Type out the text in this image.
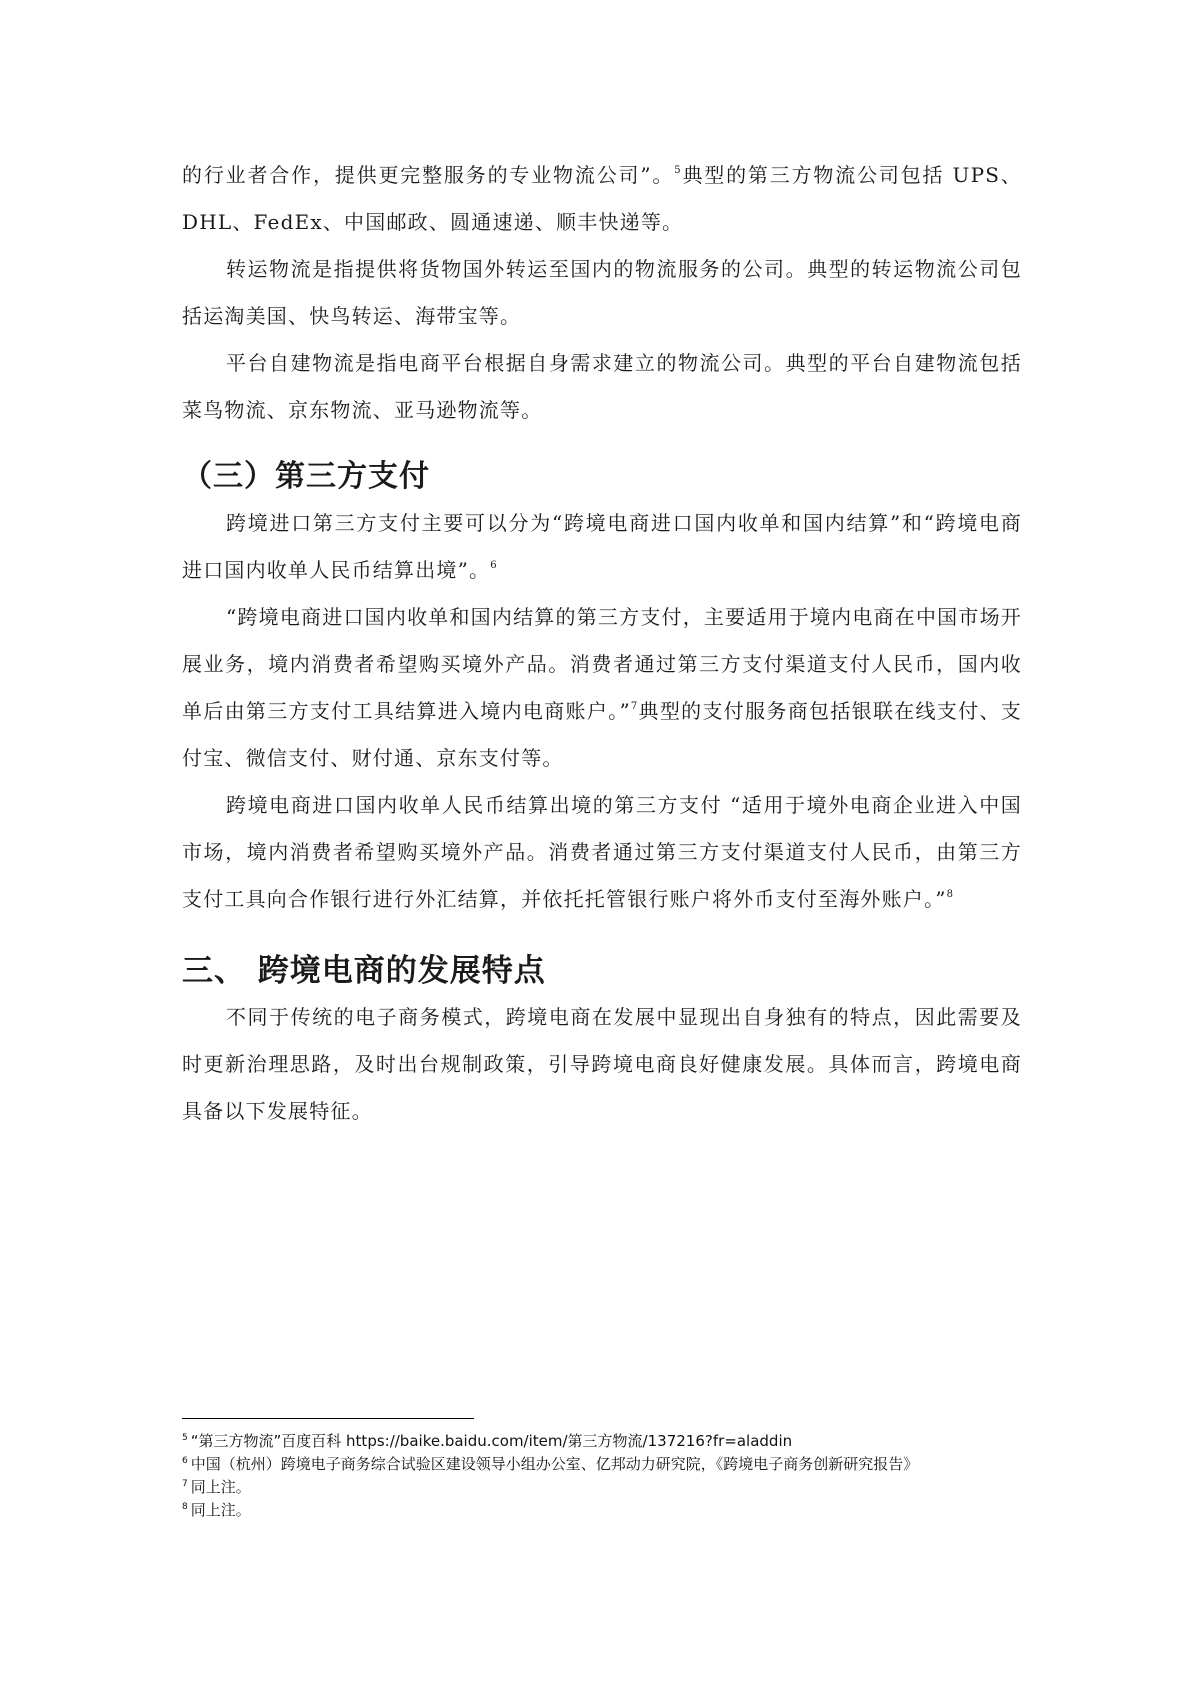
的行业者合作，提供更完整服务的专业物流公司”。$^5$典型的第三方物流公司包括 UPS、DHL、FedEx、中国邮政、圆通速递、顺丰快递等。

转运物流是指提供将货物国外转运至国内的物流服务的公司。典型的转运物流公司包括运淘美国、快鸟转运、海带宝等。

平台自建物流是指电商平台根据自身需求建立的物流公司。典型的平台自建物流包括菜鸟物流、京东物流、亚马逊物流等。

（三）第三方支付

跨境进口第三方支付主要可以分为“跨境电商进口国内收单和国内结算”和“跨境电商进口国内收单人民币结算出境”。$^6$

“跨境电商进口国内收单和国内结算的第三方支付，主要适用于境内电商在中国市场开展业务，境内消费者希望购买境外产品。消费者通过第三方支付渠道支付人民币，国内收单后由第三方支付工具结算进入境内电商账户。”$^7$典型的支付服务商包括银联在线支付、支付宝、微信支付、财付通、京东支付等。

跨境电商进口国内收单人民币结算出境的第三方支付 “适用于境外电商企业进入中国市场，境内消费者希望购买境外产品。消费者通过第三方支付渠道支付人民币，由第三方支付工具向合作银行进行外汇结算，并依托托管银行账户将外币支付至海外账户。”$^8$

三、 跨境电商的发展特点

不同于传统的电子商务模式，跨境电商在发展中显现出自身独有的特点，因此需要及时更新治理思路，及时出台规制政策，引导跨境电商良好健康发展。具体而言，跨境电商具备以下发展特征。

$^5$ “第三方物流”百度百科 https://baike.baidu.com/item/第三方物流/137216?fr=aladdin

$^6$ 中国（杭州）跨境电子商务综合试验区建设领导小组办公室、亿邦动力研究院，《跨境电子商务创新研究报告》

$^7$ 同上注。

$^8$ 同上注。
